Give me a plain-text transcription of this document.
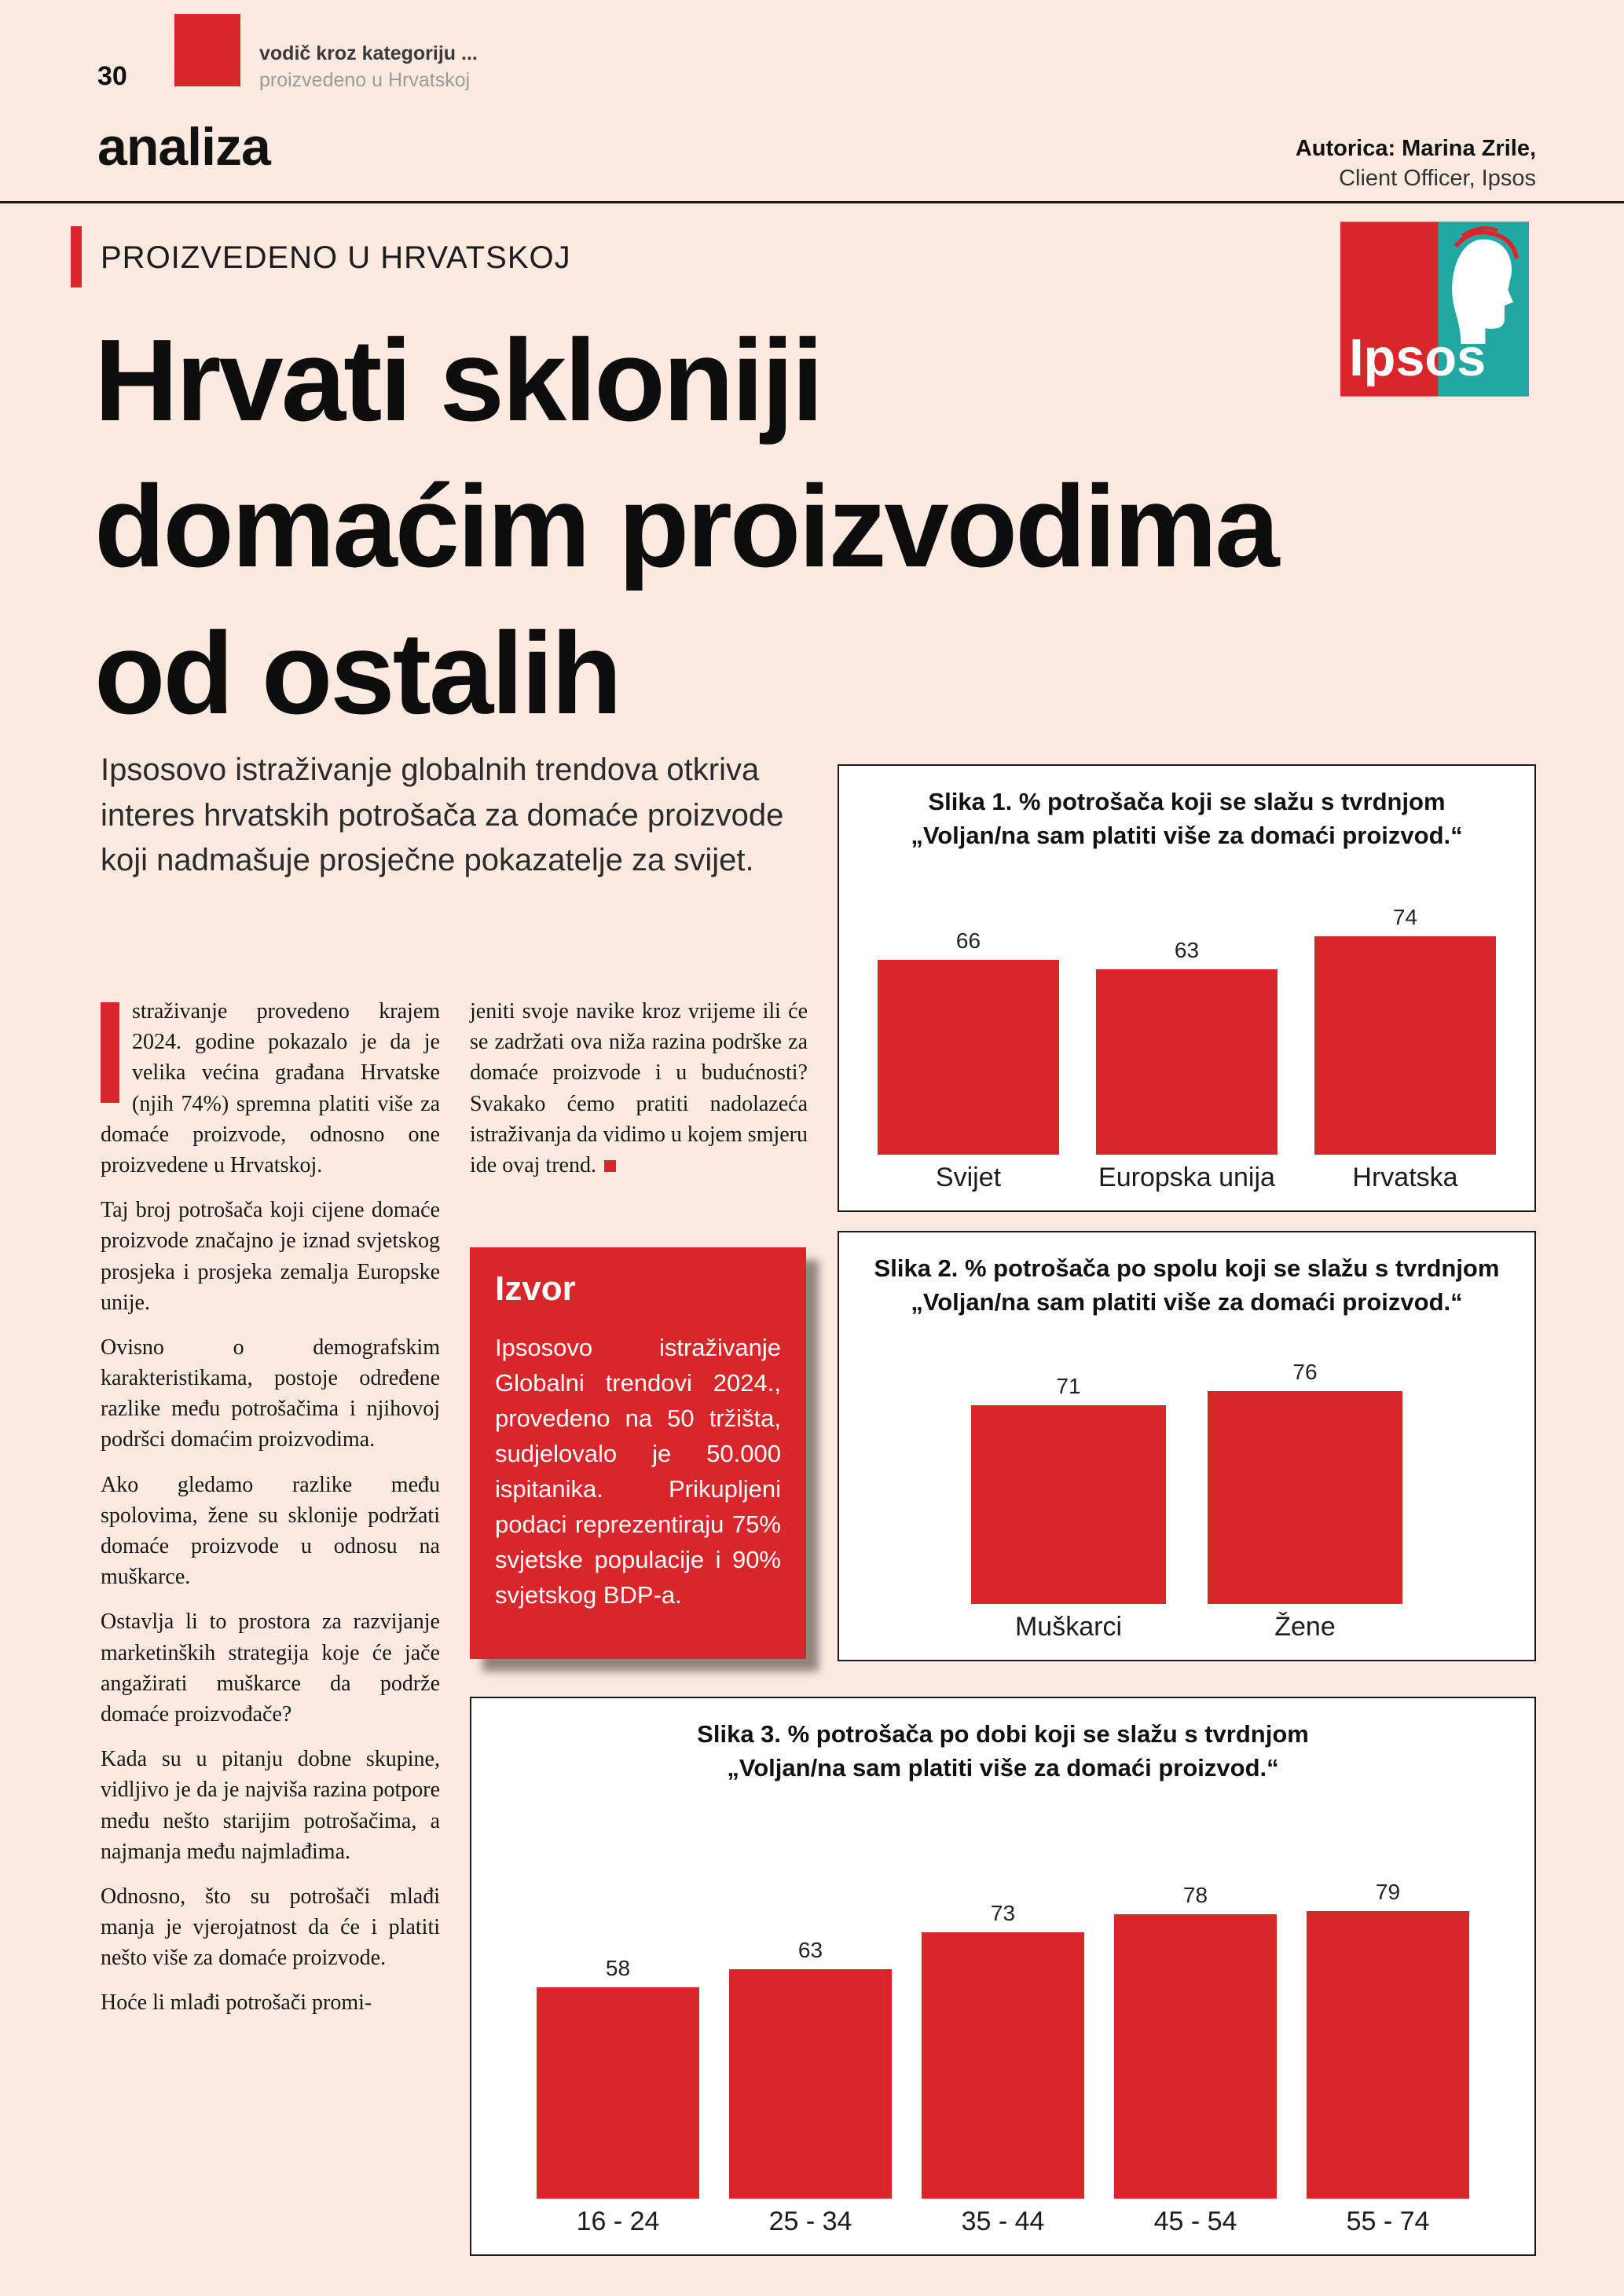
30
vodič kroz kategoriju ...
proizvedeno u Hrvatskoj
analiza	Autorica: Marina Zrile,
Client Officer, Ipsos
PROIZVEDENO U HRVATSKOJ
Ipsos
Hrvati skloniji
domaćim proizvodima
od ostalih
Ipsosovo istraživanje globalnih trendova otkriva interes hrvatskih potrošača za domaće proizvode koji nadmašuje prosječne pokazatelje za svijet.

straživanje provedeno krajem 2024. godine pokazalo je da je velika većina građana Hrvatske (njih 74%) spremna platiti više za domaće proizvode, odnosno one proizvedene u Hrvatskoj.

Taj broj potrošača koji cijene domaće proizvode značajno je iznad svjetskog prosjeka i prosjeka zemalja Europske unije.

Ovisno o demografskim karakteristikama, postoje određene razlike među potrošačima i njihovoj podršci domaćim proizvodima.

Ako gledamo razlike među spolovima, žene su sklonije podržati domaće proizvode u odnosu na muškarce.

Ostavlja li to prostora za razvijanje marketinških strategija koje će jače angažirati muškarce da podrže domaće proizvođače?

Kada su u pitanju dobne skupine, vidljivo je da je najviša razina potpore među nešto starijim potrošačima, a najmanja među najmlađima.

Odnosno, što su potrošači mlađi manja je vjerojatnost da će i platiti nešto više za domaće proizvode.

Hoće li mlađi potrošači promi-

jeniti svoje navike kroz vrijeme ili će se zadržati ova niža razina podrške za domaće proizvode i u budućnosti? Svakako ćemo pratiti nadolazeća istraživanja da vidimo u kojem smjeru ide ovaj trend.

Izvor
Ipsosovo istraživanje Globalni trendovi 2024., provedeno na 50 tržišta, sudjelovalo je 50.000 ispitanika. Prikupljeni podaci reprezentiraju 75% svjetske populacije i 90% svjetskog BDP-a.
Slika 1. % potrošača koji se slažu s tvrdnjom
„Voljan/na sam platiti više za domaći proizvod.“
66	63
74
Svijet	Europska unija	Hrvatska
Slika 2. % potrošača po spolu koji se slažu s tvrdnjom
„Voljan/na sam platiti više za domaći proizvod.“
71
76
Muškarci	Žene
Slika 3. % potrošača po dobi koji se slažu s tvrdnjom
„Voljan/na sam platiti više za domaći proizvod.“
58
63
73
78	79
16 - 24	25 - 34	35 - 44	45 - 54	55 - 74
